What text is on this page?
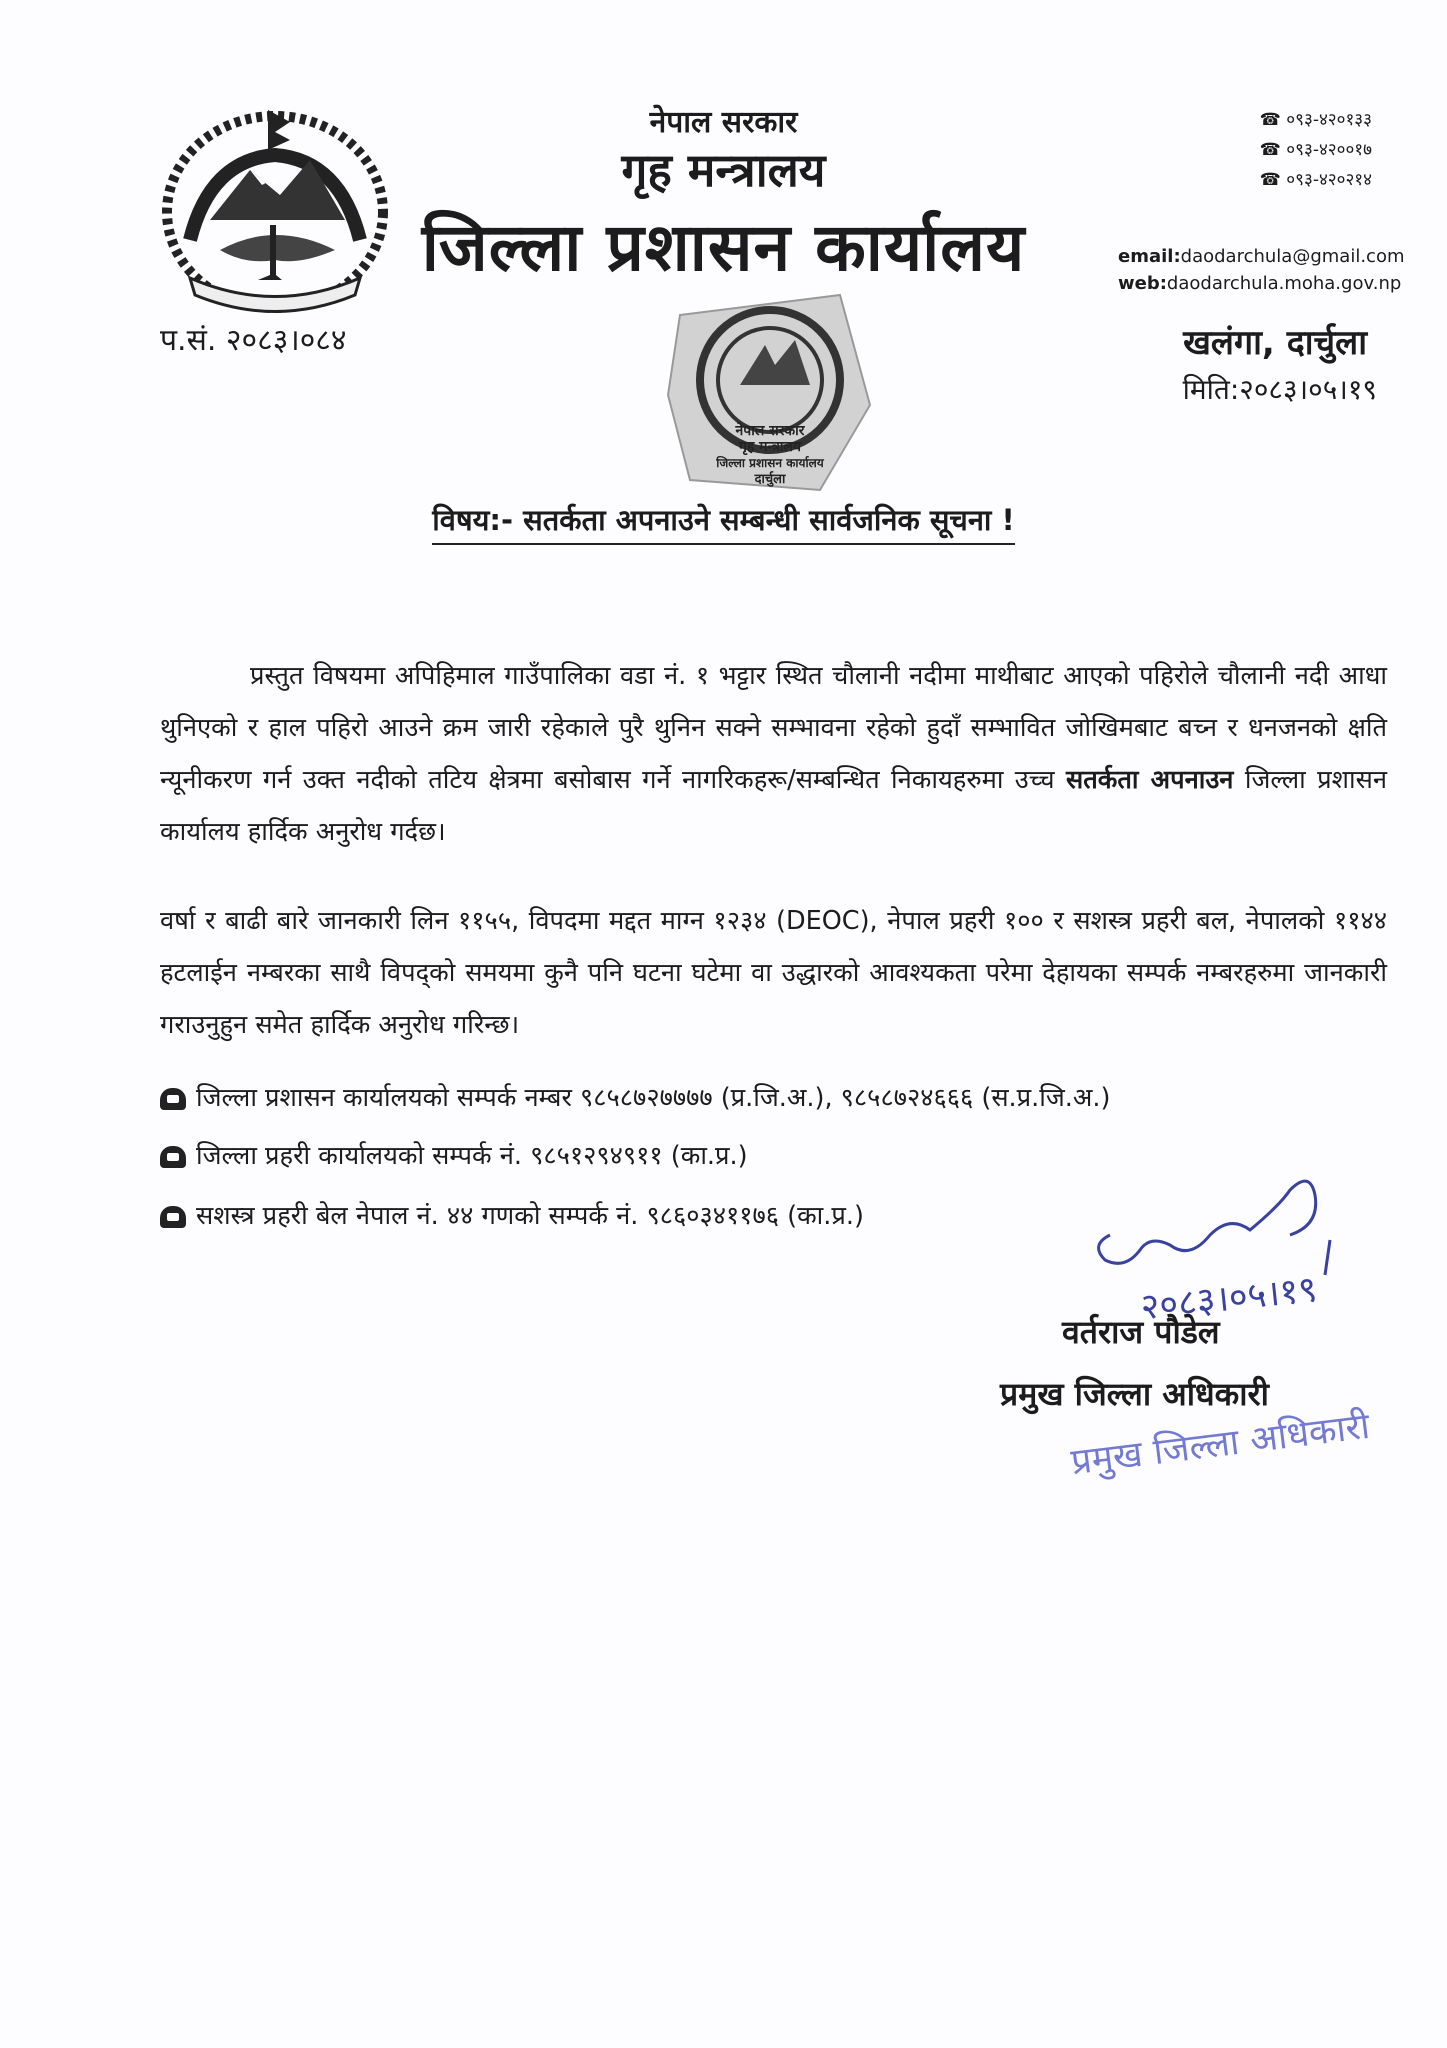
प.सं. २०८३।०८४
नेपाल सरकार
गृह मन्त्रालय
जिल्ला प्रशासन कार्यालय
☎ ०९३-४२०१३३
☎ ०९३-४२००१७
☎ ०९३-४२०२१४
email:daodarchula@gmail.com
web:daodarchula.moha.gov.np
खलंगा, दार्चुला
मिति:२०८३।०५।१९
नेपाल सरकार
गृह मन्त्रालय
जिल्ला प्रशासन कार्यालय
दार्चुला
विषय:- सतर्कता अपनाउने सम्बन्धी सार्वजनिक सूचना !
प्रस्तुत विषयमा अपिहिमाल गाउँपालिका वडा नं. १ भट्टार स्थित चौलानी नदीमा माथीबाट आएको पहिरोले चौलानी नदी आधा थुनिएको र हाल पहिरो आउने क्रम जारी रहेकाले पुरै थुनिन सक्ने सम्भावना रहेको हुदाँ सम्भावित जोखिमबाट बच्न र धनजनको क्षति न्यूनीकरण गर्न उक्त नदीको तटिय क्षेत्रमा बसोबास गर्ने नागरिकहरू/सम्बन्धित निकायहरुमा उच्च सतर्कता अपनाउन जिल्ला प्रशासन कार्यालय हार्दिक अनुरोध गर्दछ।
वर्षा र बाढी बारे जानकारी लिन ११५५, विपदमा मद्दत माग्न १२३४ (DEOC), नेपाल प्रहरी १०० र सशस्त्र प्रहरी बल, नेपालको ११४४ हटलाईन नम्बरका साथै विपद्को समयमा कुनै पनि घटना घटेमा वा उद्धारको आवश्यकता परेमा देहायका सम्पर्क नम्बरहरुमा जानकारी गराउनुहुन समेत हार्दिक अनुरोध गरिन्छ।
जिल्ला प्रशासन कार्यालयको सम्पर्क नम्बर ९८५८७२७७७७ (प्र.जि.अ.), ९८५८७२४६६६ (स.प्र.जि.अ.)
जिल्ला प्रहरी कार्यालयको सम्पर्क नं. ९८५१२९४९११ (का.प्र.)
सशस्त्र प्रहरी बेल नेपाल नं. ४४ गणको सम्पर्क नं. ९८६०३४११७६ (का.प्र.)
२०८३।०५।१९
वर्तराज पौडेल
प्रमुख जिल्ला अधिकारी
प्रमुख जिल्ला अधिकारी
